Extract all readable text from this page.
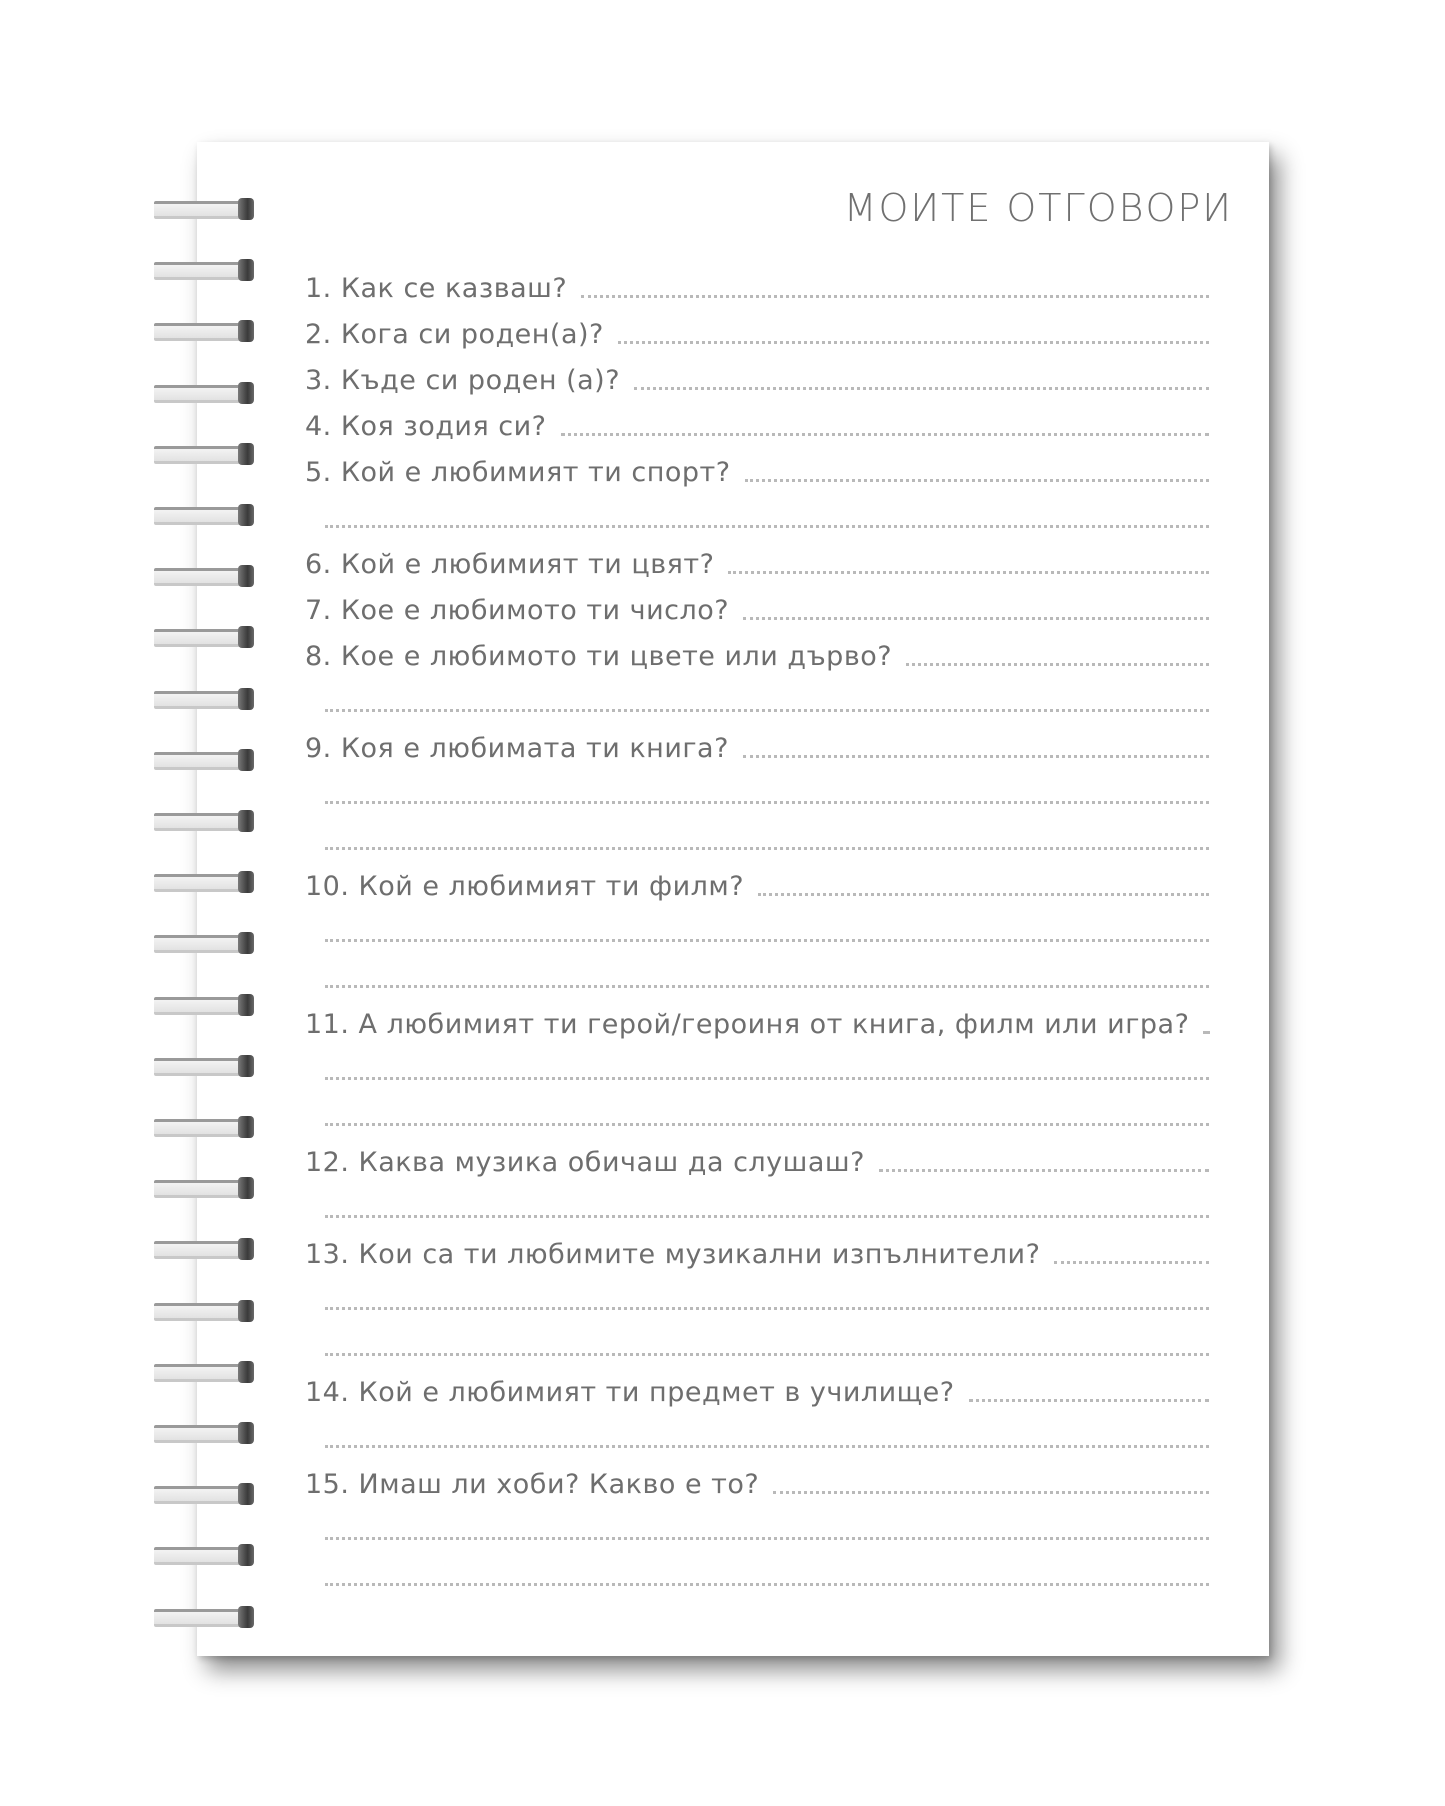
МОИТЕ ОТГОВОРИ
1. Как се казваш?
2. Кога си роден(а)?
3. Къде си роден (а)?
4. Коя зодия си?
5. Кой е любимият ти спорт?
6. Кой е любимият ти цвят?
7. Кое е любимото ти число?
8. Кое е любимото ти цвете или дърво?
9. Коя е любимата ти книга?
10. Кой е любимият ти филм?
11. А любимият ти герой/героиня от книга, филм или игра?
12. Каква музика обичаш да слушаш?
13. Кои са ти любимите музикални изпълнители?
14. Кой е любимият ти предмет в училище?
15. Имаш ли хоби? Какво е то?
